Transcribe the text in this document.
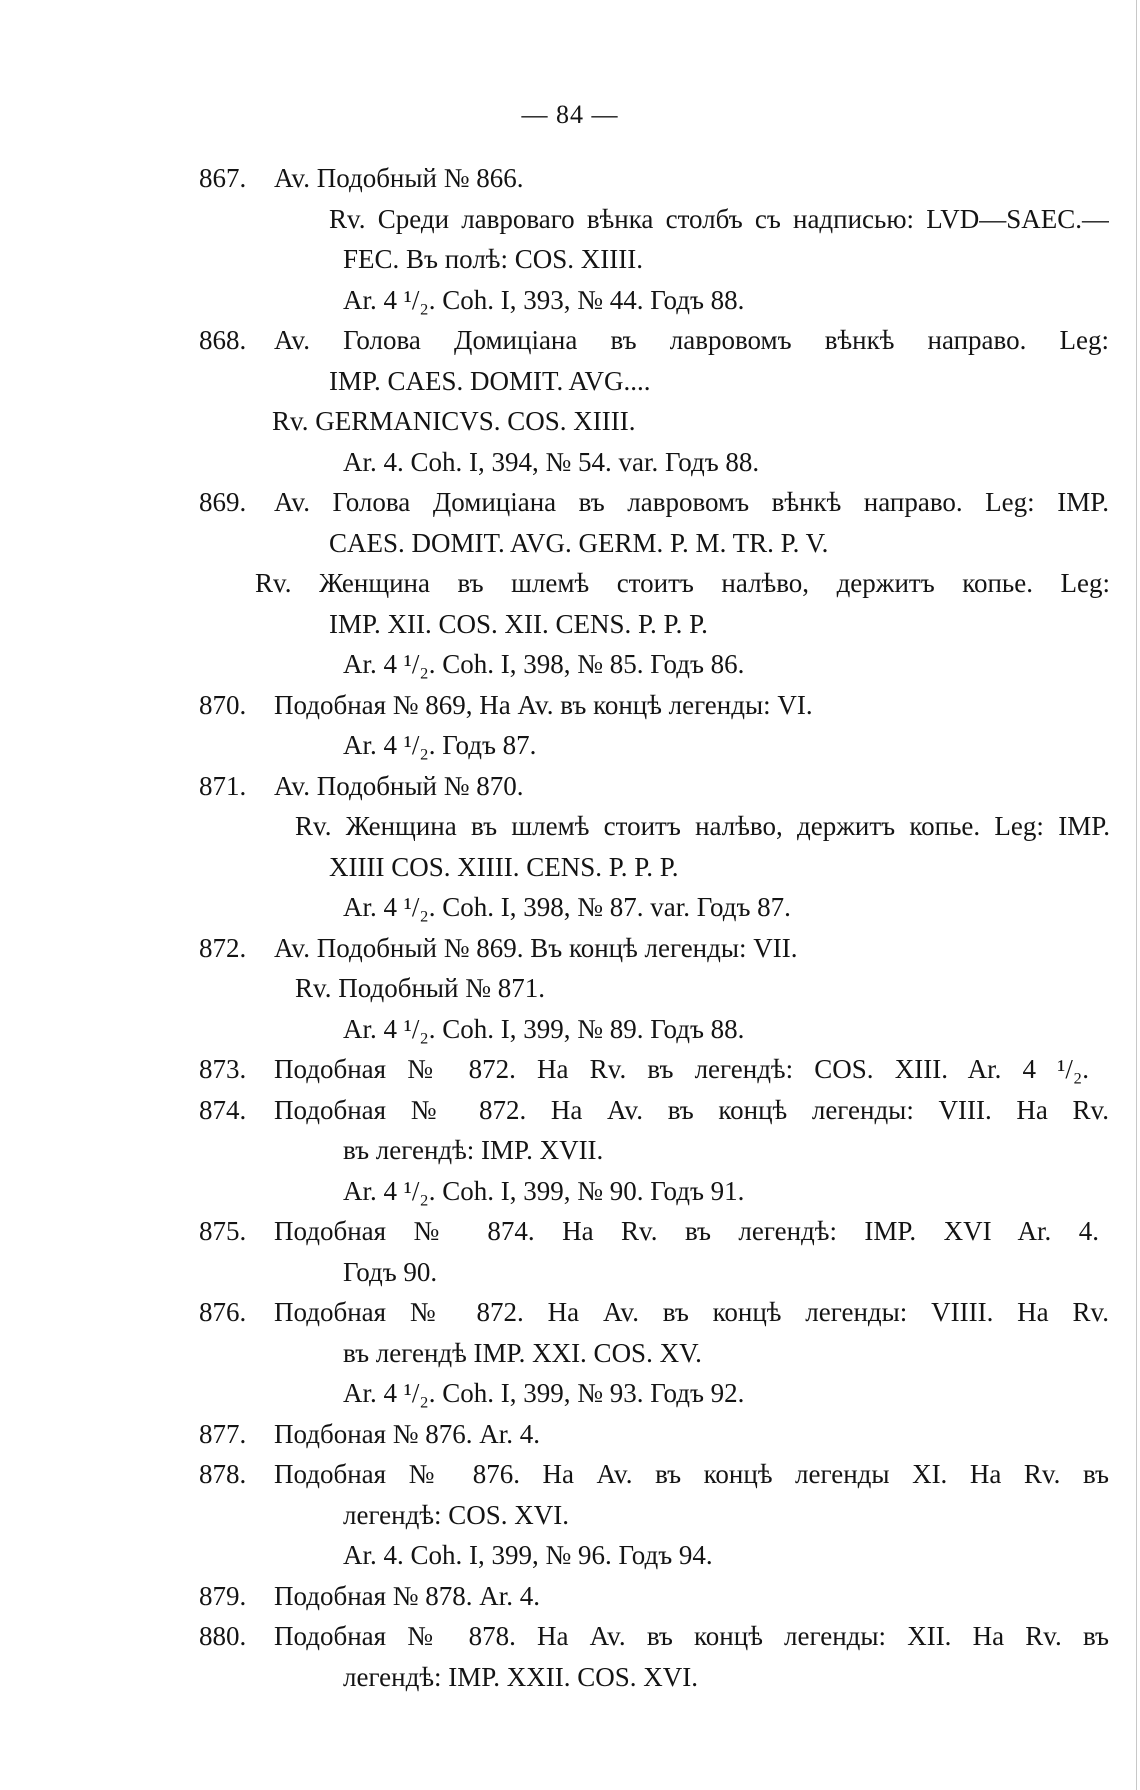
— 84 —
867. Av. Подобный № 866.
Rv. Среди лавроваго вѣнка столбъ съ надписью: LVD—SAEC.—
FEC. Въ полѣ: COS. XIIII.
Ar. 4 ¹/₂. Coh. I, 393, № 44. Годъ 88.
868. Av. Голова Домиціана въ лавровомъ вѣнкѣ направо. Leg:
IMP. CAES. DOMIT. AVG....
Rv. GERMANICVS. COS. XIIII.
Ar. 4. Coh. I, 394, № 54. var. Годъ 88.
869. Av. Голова Домиціана въ лавровомъ вѣнкѣ направо. Leg: IMP.
CAES. DOMIT. AVG. GERM. P. M. TR. P. V.
Rv. Женщина въ шлемѣ стоитъ налѣво, держитъ копье. Leg:
IMP. XII. COS. XII. CENS. P. P. P.
Ar. 4 ¹/₂. Coh. I, 398, № 85. Годъ 86.
870. Подобная № 869, На Av. въ концѣ легенды: VI.
Ar. 4 ¹/₂. Годъ 87.
871. Av. Подобный № 870.
Rv. Женщина въ шлемѣ стоитъ налѣво, держитъ копье. Leg: IMP.
XIIII COS. XIIII. CENS. P. P. P.
Ar. 4 ¹/₂. Coh. I, 398, № 87. var. Годъ 87.
872. Av. Подобный № 869. Въ концѣ легенды: VII.
Rv. Подобный № 871.
Ar. 4 ¹/₂. Coh. I, 399, № 89. Годъ 88.
873. Подобная № 872. На Rv. въ легендѣ: COS. XIII. Ar. 4 ¹/₂.
874. Подобная № 872. На Av. въ концѣ легенды: VIII. На Rv.
въ легендѣ: IMP. XVII.
Ar. 4 ¹/₂. Coh. I, 399, № 90. Годъ 91.
875. Подобная № 874. На Rv. въ легендѣ: IMP. XVI Ar. 4.
Годъ 90.
876. Подобная № 872. На Av. въ концѣ легенды: VIIII. На Rv.
въ легендѣ IMP. XXI. COS. XV.
Ar. 4 ¹/₂. Coh. I, 399, № 93. Годъ 92.
877. Подбоная № 876. Ar. 4.
878. Подобная № 876. На Av. въ концѣ легенды XI. На Rv. въ
легендѣ: COS. XVI.
Ar. 4. Coh. I, 399, № 96. Годъ 94.
879. Подобная № 878. Ar. 4.
880. Подобная № 878. На Av. въ концѣ легенды: XII. На Rv. въ
легендѣ: IMP. XXII. COS. XVI.
